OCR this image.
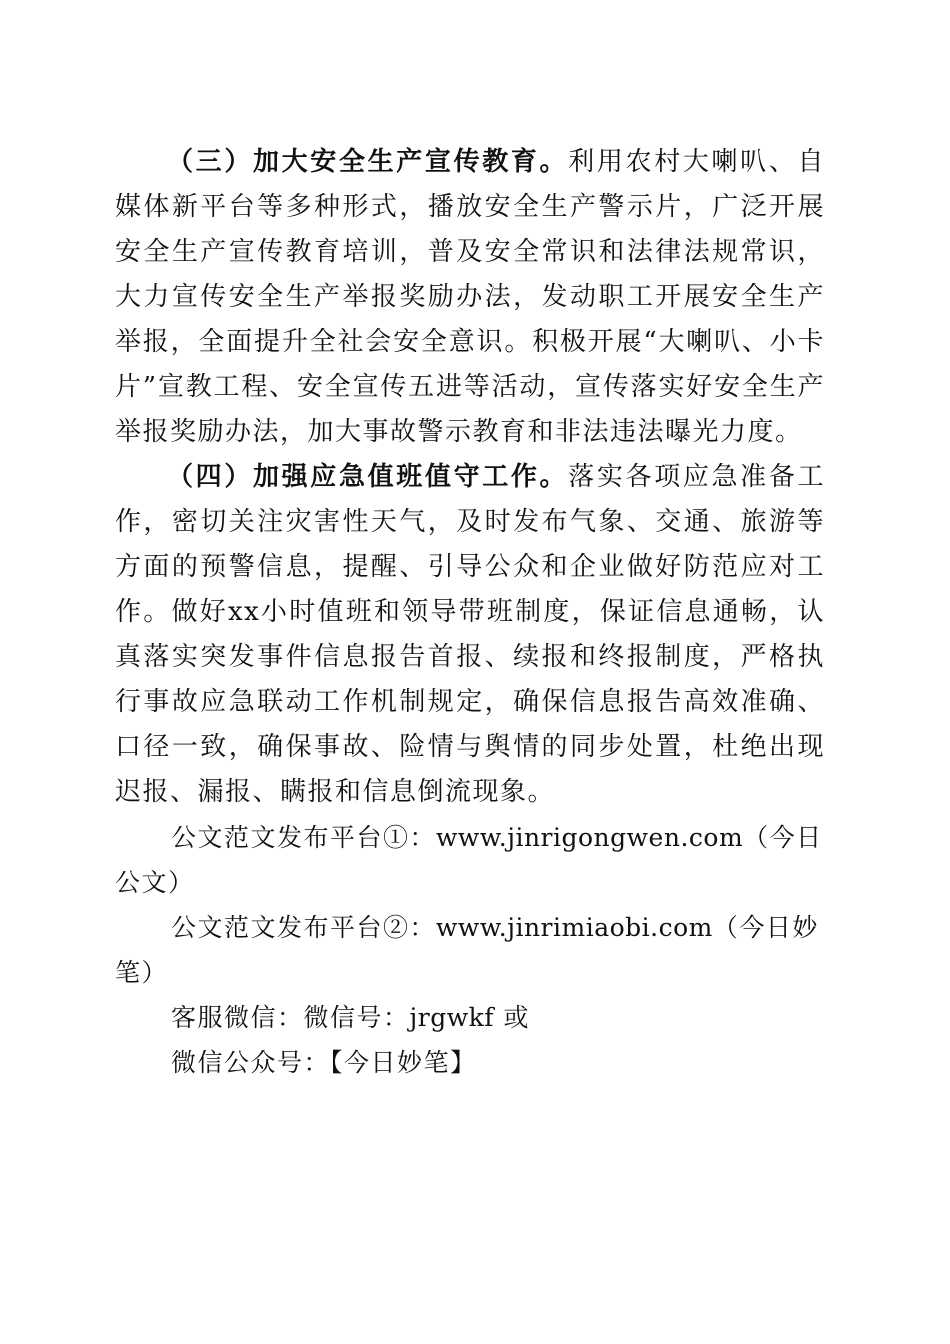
（三）加大安全生产宣传教育。利用农村大喇叭、自媒体新平台等多种形式，播放安全生产警示片，广泛开展安全生产宣传教育培训，普及安全常识和法律法规常识，大力宣传安全生产举报奖励办法，发动职工开展安全生产举报，全面提升全社会安全意识。积极开展“大喇叭、小卡片”宣教工程、安全宣传五进等活动，宣传落实好安全生产举报奖励办法，加大事故警示教育和非法违法曝光力度。

（四）加强应急值班值守工作。落实各项应急准备工作，密切关注灾害性天气，及时发布气象、交通、旅游等方面的预警信息，提醒、引导公众和企业做好防范应对工作。做好xx小时值班和领导带班制度，保证信息通畅，认真落实突发事件信息报告首报、续报和终报制度，严格执行事故应急联动工作机制规定，确保信息报告高效准确、口径一致，确保事故、险情与舆情的同步处置，杜绝出现迟报、漏报、瞒报和信息倒流现象。

公文范文发布平台①：www.jinrigongwen.com（今日公文）

公文范文发布平台②：www.jinrimiaobi.com（今日妙笔）

客服微信：微信号：jrgwkf 或

微信公众号：【今日妙笔】
